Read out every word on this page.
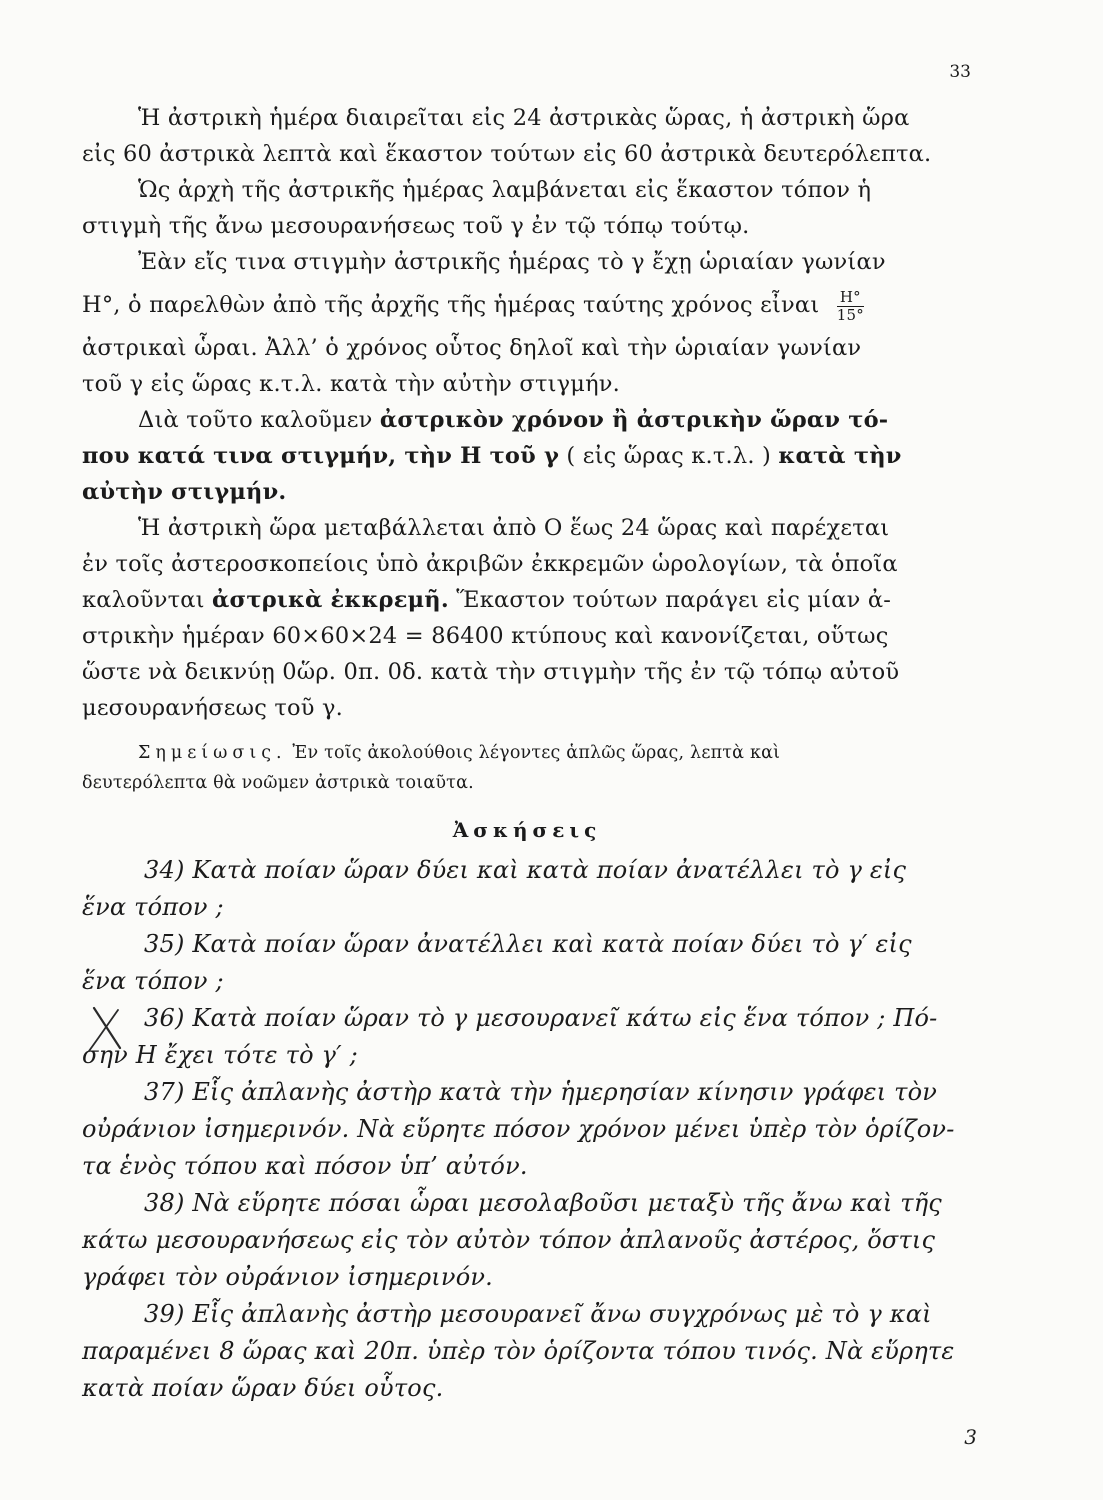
33
Ἡ ἀστρικὴ ἡμέρα διαιρεῖται εἰς 24 ἀστρικὰς ὥρας, ἡ ἀστρικὴ ὥρα
εἰς 60 ἀστρικὰ λεπτὰ καὶ ἕκαστον τούτων εἰς 60 ἀστρικὰ δευτερόλεπτα.
Ὡς ἀρχὴ τῆς ἀστρικῆς ἡμέρας λαμβάνεται εἰς ἕκαστον τόπον ἡ
στιγμὴ τῆς ἄνω μεσουρανήσεως τοῦ γ ἐν τῷ τόπῳ τούτῳ.
Ἐὰν εἴς τινα στιγμὴν ἀστρικῆς ἡμέρας τὸ γ ἔχῃ ὡριαίαν γωνίαν
Η°, ὁ παρελθὼν ἀπὸ τῆς ἀρχῆς τῆς ἡμέρας ταύτης χρόνος εἶναι $\frac{H^\circ}{15^\circ}$
ἀστρικαὶ ὧραι. Ἀλλ’ ὁ χρόνος οὗτος δηλοῖ καὶ τὴν ὡριαίαν γωνίαν
τοῦ γ εἰς ὥρας κ.τ.λ. κατὰ τὴν αὐτὴν στιγμήν.
Διὰ τοῦτο καλοῦμεν ἀστρικὸν χρόνον ἢ ἀστρικὴν ὥραν τό-
που κατά τινα στιγμήν, τὴν Η τοῦ γ ( εἰς ὥρας κ.τ.λ. ) κατὰ τὴν
αὐτὴν στιγμήν.
Ἡ ἀστρικὴ ὥρα μεταβάλλεται ἀπὸ Ο ἕως 24 ὥρας καὶ παρέχεται
ἐν τοῖς ἀστεροσκοπείοις ὑπὸ ἀκριβῶν ἐκκρεμῶν ὡρολογίων, τὰ ὁποῖα
καλοῦνται ἀστρικὰ ἐκκρεμῆ. Ἕκαστον τούτων παράγει εἰς μίαν ἀ-
στρικὴν ἡμέραν 60×60×24 = 86400 κτύπους καὶ κανονίζεται, οὕτως
ὥστε νὰ δεικνύῃ 0ὥρ. 0π. 0δ. κατὰ τὴν στιγμὴν τῆς ἐν τῷ τόπῳ αὐτοῦ
μεσουρανήσεως τοῦ γ.
Σημείωσις. Ἐν τοῖς ἀκολούθοις λέγοντες ἁπλῶς ὥρας, λεπτὰ καὶ
δευτερόλεπτα θὰ νοῶμεν ἀστρικὰ τοιαῦτα.
Ἀσκήσεις
34) Κατὰ ποίαν ὥραν δύει καὶ κατὰ ποίαν ἀνατέλλει τὸ γ εἰς
ἕνα τόπον ;
35) Κατὰ ποίαν ὥραν ἀνατέλλει καὶ κατὰ ποίαν δύει τὸ γ′ εἰς
ἕνα τόπον ;
36) Κατὰ ποίαν ὥραν τὸ γ μεσουρανεῖ κάτω εἰς ἕνα τόπον ; Πό-
σην Η ἔχει τότε τὸ γ′ ;
37) Εἷς ἀπλανὴς ἀστὴρ κατὰ τὴν ἡμερησίαν κίνησιν γράφει τὸν
οὐράνιον ἰσημερινόν. Νὰ εὕρητε πόσον χρόνον μένει ὑπὲρ τὸν ὁρίζον-
τα ἑνὸς τόπου καὶ πόσον ὑπ’ αὐτόν.
38) Νὰ εὕρητε πόσαι ὧραι μεσολαβοῦσι μεταξὺ τῆς ἄνω καὶ τῆς
κάτω μεσουρανήσεως εἰς τὸν αὐτὸν τόπον ἀπλανοῦς ἀστέρος, ὅστις
γράφει τὸν οὐράνιον ἰσημερινόν.
39) Εἷς ἀπλανὴς ἀστὴρ μεσουρανεῖ ἄνω συγχρόνως μὲ τὸ γ καὶ
παραμένει 8 ὥρας καὶ 20π. ὑπὲρ τὸν ὁρίζοντα τόπου τινός. Νὰ εὕρητε
κατὰ ποίαν ὥραν δύει οὗτος.
3
